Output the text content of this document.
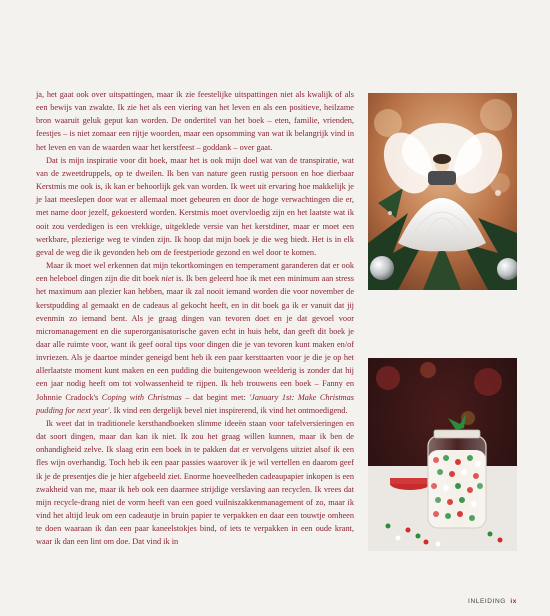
ja, het gaat ook over uitspattingen, maar ik zie feestelijke uitspattingen niet als kwalijk of als een bewijs van zwakte. Ik zie het als een viering van het leven en als een positieve, heilzame bron waaruit geluk geput kan worden. De ondertitel van het boek – eten, familie, vrienden, feestjes – is niet zomaar een rijtje woorden, maar een opsomming van wat ik belangrijk vind in het leven en van de waarden waar het kerstfeest – goddank – over gaat.

Dat is mijn inspiratie voor dit boek, maar het is ook mijn doel wat van de transpiratie, wat van de zweetdruppels, op te dweilen. Ik ben van nature geen rustig persoon en hoe dierbaar Kerstmis me ook is, ik kan er behoorlijk gek van worden. Ik weet uit ervaring hoe makkelijk je je laat meeslepen door wat er allemaal moet gebeuren en door de hoge verwachtingen die er, met name door jezelf, gekoesterd worden. Kerstmis moet overvloedig zijn en het laatste wat ik ooit zou verdedigen is een vrekkige, uitgeklede versie van het kerstdiner, maar er moet een werkbare, plezierige weg te vinden zijn. Ik hoop dat mijn boek je die weg biedt. Het is in elk geval de weg die ik gevonden heb om de feestperiode gezond en wel door te komen.

Maar ik moet wel erkennen dat mijn tekortkomingen en temperament garanderen dat er ook een heleboel dingen zijn die dit boek niet is. Ik ben geleerd hoe ik met een minimum aan stress het maximum aan plezier kan hebben, maar ik zal nooit iemand worden die voor november de kerstpudding al gemaakt en de cadeaus al gekocht heeft, en in dit boek ga ik er vanuit dat jij evenmin zo iemand bent. Als je graag dingen van tevoren doet en je dat gevoel voor micromanagement en die superorganisatorische gaven echt in huis hebt, dan geeft dit boek je daar alle ruimte voor, want ik geef ooral tips voor dingen die je van tevoren kunt maken en/of invriezen. Als je daartoe minder geneigd bent heb ik een paar kersttaarten voor je die je op het allerlaatste moment kunt maken en een pudding die buitengewoon weelderig is zonder dat hij een jaar nodig heeft om tot volwassenheid te rijpen. Ik heb trouwens een boek – Fanny en Johnnie Cradock's Coping with Christmas – dat begint met: 'January 1st: Make Christmas pudding for next year'. Ik vind een dergelijk bevel niet inspirerend, ik vind het ontmoedigend.

Ik weet dat in traditionele kersthandboeken slimme ideeën staan voor tafelversieringen en dat soort dingen, maar dan kan ik niet. Ik zou het graag willen kunnen, maar ik ben de onhandigheid zelve. Ik slaag erin een boek in te pakken dat er vervolgens uitziet alsof ik een fles wijn overhandig. Toch heb ik een paar passies waarover ik je wil vertellen en daarom geef ik je de presentjes die je hier afgebeeld ziet. Enorme hoeveelheden cadeaupapier inkopen is een zwakheid van me, maar ik heb ook een daarmee strijdige verslaving aan recyclen. Ik vrees dat mijn recycle-drang niet de vorm heeft van een goed vuilniszakkenmanagement of zo, maar ik vind het altijd leuk om een cadeautje in bruin papier te verpakken en daar een touwtje omheen te doen waaraan ik dan een paar kaneelstokjes bind, of iets te verpakken in een oude krant, waar ik dan een lint om doe. Dat vind ik in

INLEIDING ix
